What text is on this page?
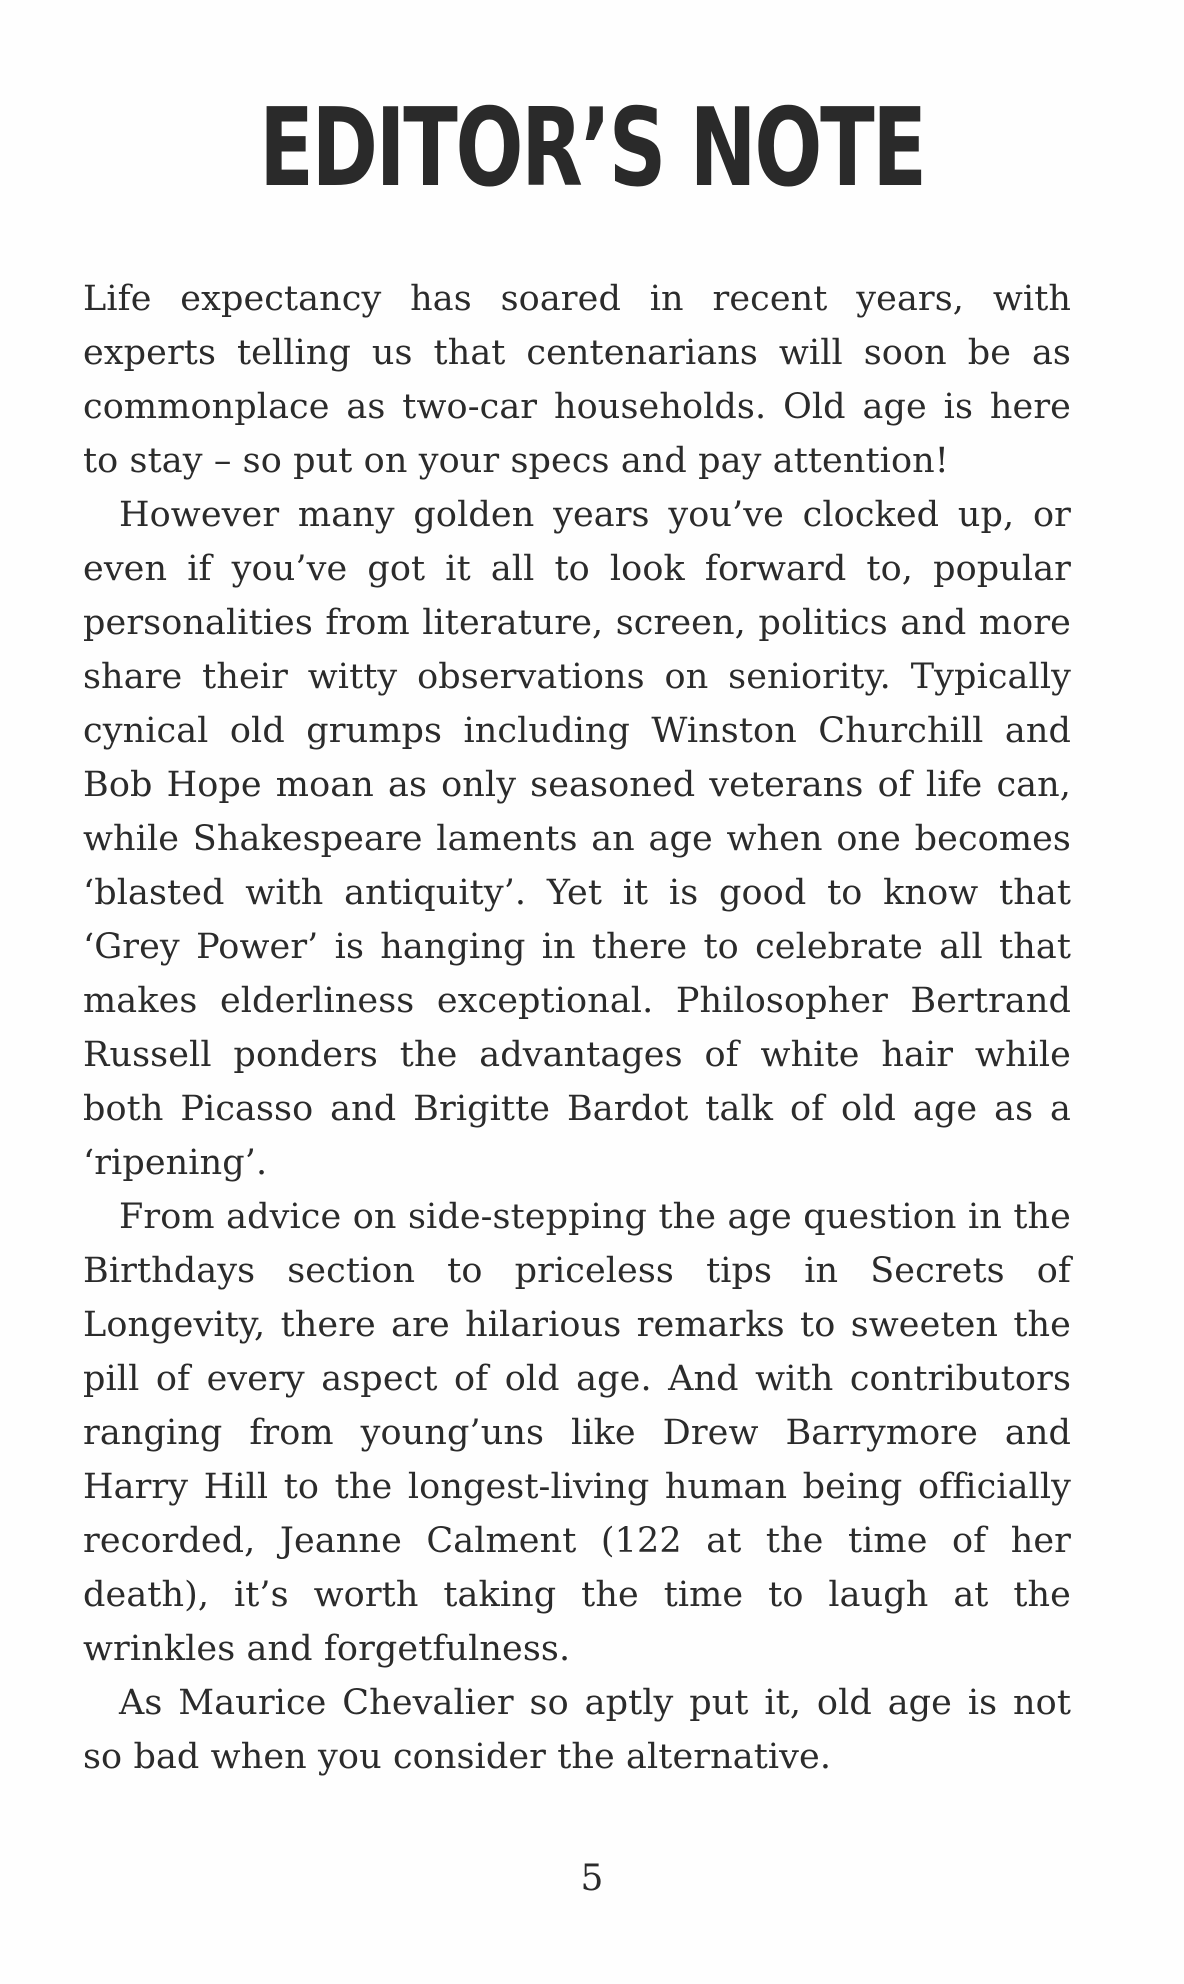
EDITOR’S NOTE

Life expectancy has soared in recent years, with experts telling us that centenarians will soon be as commonplace as two-car households. Old age is here to stay – so put on your specs and pay attention!

However many golden years you’ve clocked up, or even if you’ve got it all to look forward to, popular personalities from literature, screen, politics and more share their witty observations on seniority. Typically cynical old grumps including Winston Churchill and Bob Hope moan as only seasoned veterans of life can, while Shakespeare laments an age when one becomes ‘blasted with antiquity’. Yet it is good to know that ‘Grey Power’ is hanging in there to celebrate all that makes elderliness exceptional. Philosopher Bertrand Russell ponders the advantages of white hair while both Picasso and Brigitte Bardot talk of old age as a ‘ripening’.

From advice on side-stepping the age question in the Birthdays section to priceless tips in Secrets of Longevity, there are hilarious remarks to sweeten the pill of every aspect of old age. And with contributors ranging from young’uns like Drew Barrymore and Harry Hill to the longest-living human being officially recorded, Jeanne Calment (122 at the time of her death), it’s worth taking the time to laugh at the wrinkles and forgetfulness.

As Maurice Chevalier so aptly put it, old age is not so bad when you consider the alternative.

5
